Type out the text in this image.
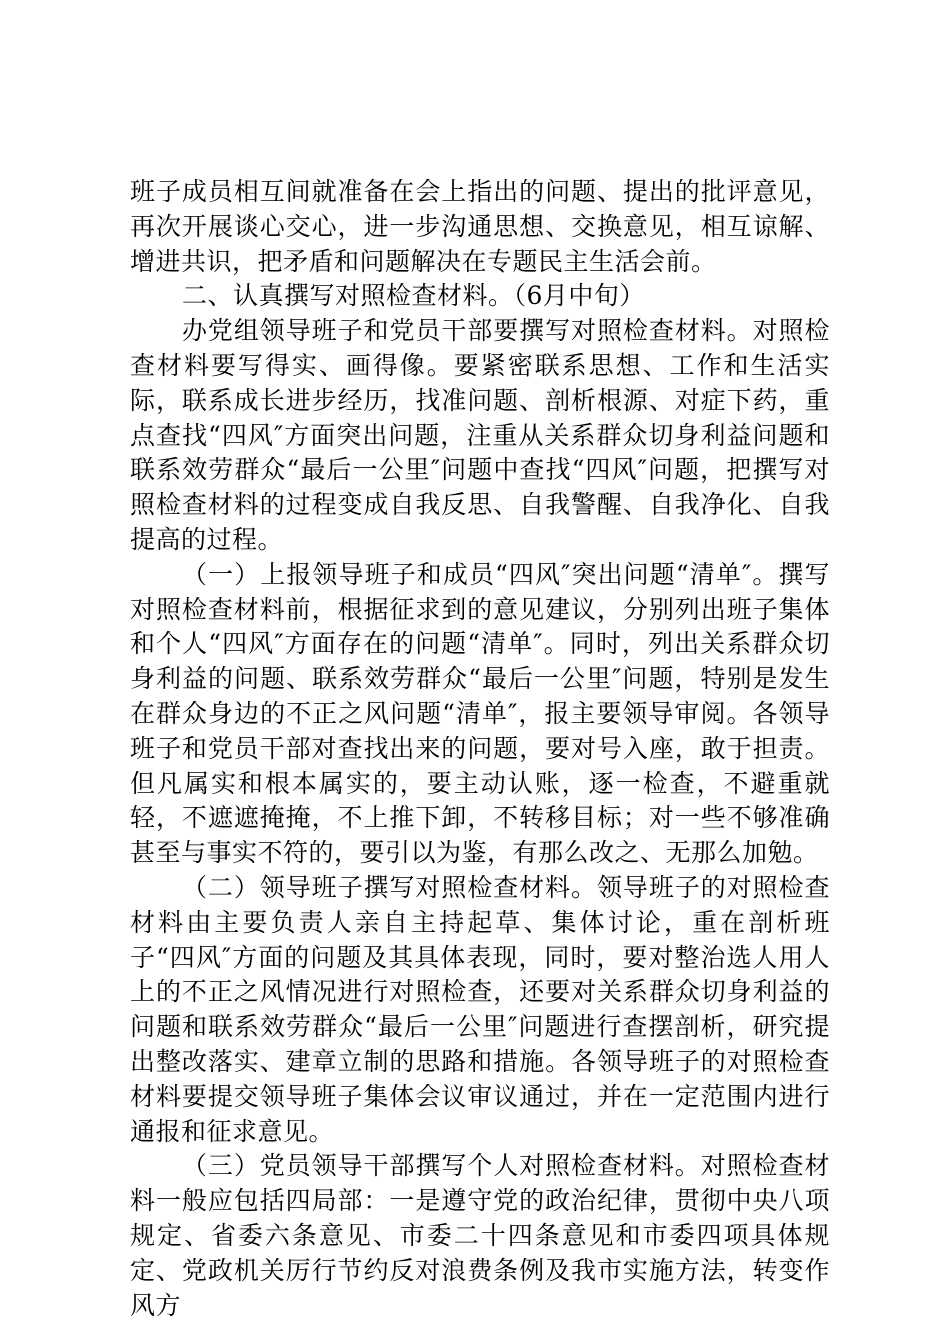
班子成员相互间就准备在会上指出的问题、提出的批评意见，再次开展谈心交心，进一步沟通思想、交换意见，相互谅解、增进共识，把矛盾和问题解决在专题民主生活会前。

二、认真撰写对照检查材料。（6月中旬）

办党组领导班子和党员干部要撰写对照检查材料。对照检查材料要写得实、画得像。要紧密联系思想、工作和生活实际，联系成长进步经历，找准问题、剖析根源、对症下药，重点查找“四风″方面突出问题，注重从关系群众切身利益问题和联系效劳群众“最后一公里″问题中查找“四风″问题，把撰写对照检查材料的过程变成自我反思、自我警醒、自我净化、自我提高的过程。

（一）上报领导班子和成员“四风″突出问题“清单″。撰写对照检查材料前，根据征求到的意见建议，分别列出班子集体和个人“四风″方面存在的问题“清单″。同时，列出关系群众切身利益的问题、联系效劳群众“最后一公里″问题，特别是发生在群众身边的不正之风问题“清单″，报主要领导审阅。各领导班子和党员干部对查找出来的问题，要对号入座，敢于担责。但凡属实和根本属实的，要主动认账，逐一检查，不避重就轻，不遮遮掩掩，不上推下卸，不转移目标；对一些不够准确甚至与事实不符的，要引以为鉴，有那么改之、无那么加勉。

（二）领导班子撰写对照检查材料。领导班子的对照检查材料由主要负责人亲自主持起草、集体讨论，重在剖析班子“四风″方面的问题及其具体表现，同时，要对整治选人用人上的不正之风情况进行对照检查，还要对关系群众切身利益的问题和联系效劳群众“最后一公里″问题进行查摆剖析，研究提出整改落实、建章立制的思路和措施。各领导班子的对照检查材料要提交领导班子集体会议审议通过，并在一定范围内进行通报和征求意见。

（三）党员领导干部撰写个人对照检查材料。对照检查材料一般应包括四局部：一是遵守党的政治纪律，贯彻中央八项规定、省委六条意见、市委二十四条意见和市委四项具体规定、党政机关厉行节约反对浪费条例及我市实施方法，转变作风方
